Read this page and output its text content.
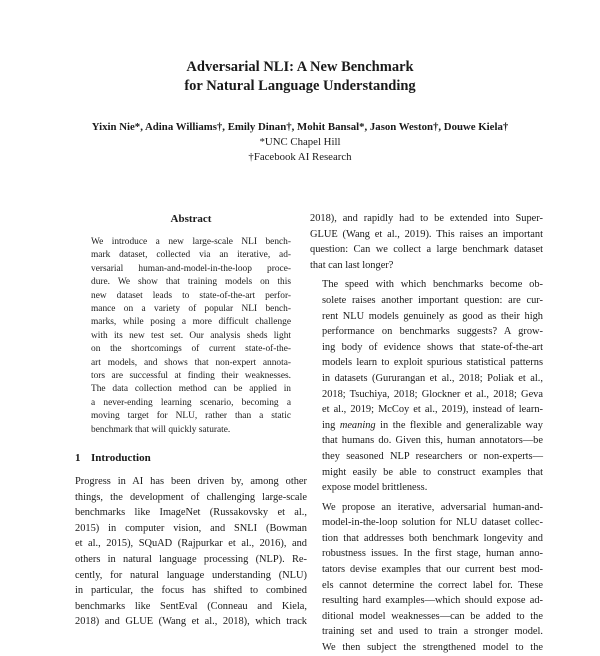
Adversarial NLI: A New Benchmark
for Natural Language Understanding
Yixin Nie*, Adina Williams†, Emily Dinan†, Mohit Bansal*, Jason Weston†, Douwe Kiela†
*UNC Chapel Hill
†Facebook AI Research
Abstract
We introduce a new large-scale NLI bench-
mark dataset, collected via an iterative, ad-
versarial human-and-model-in-the-loop proce-
dure. We show that training models on this
new dataset leads to state-of-the-art perfor-
mance on a variety of popular NLI bench-
marks, while posing a more difficult challenge
with its new test set. Our analysis sheds light
on the shortcomings of current state-of-the-
art models, and shows that non-expert annota-
tors are successful at finding their weaknesses.
The data collection method can be applied in
a never-ending learning scenario, becoming a
moving target for NLU, rather than a static
benchmark that will quickly saturate.
1 Introduction

Progress in AI has been driven by, among other
things, the development of challenging large-scale
benchmarks like ImageNet (Russakovsky et al.,
2015) in computer vision, and SNLI (Bowman
et al., 2015), SQuAD (Rajpurkar et al., 2016), and
others in natural language processing (NLP). Re-
cently, for natural language understanding (NLU)
in particular, the focus has shifted to combined
benchmarks like SentEval (Conneau and Kiela,
2018) and GLUE (Wang et al., 2018), which track

2018), and rapidly had to be extended into Super-
GLUE (Wang et al., 2019). This raises an important
question: Can we collect a large benchmark dataset
that can last longer?

The speed with which benchmarks become ob-
solete raises another important question: are cur-
rent NLU models genuinely as good as their high
performance on benchmarks suggests? A grow-
ing body of evidence shows that state-of-the-art
models learn to exploit spurious statistical patterns
in datasets (Gururangan et al., 2018; Poliak et al.,
2018; Tsuchiya, 2018; Glockner et al., 2018; Geva
et al., 2019; McCoy et al., 2019), instead of learn-
ing meaning in the flexible and generalizable way
that humans do. Given this, human annotators—be
they seasoned NLP researchers or non-experts—
might easily be able to construct examples that
expose model brittleness.

We propose an iterative, adversarial human-and-
model-in-the-loop solution for NLU dataset collec-
tion that addresses both benchmark longevity and
robustness issues. In the first stage, human anno-
tators devise examples that our current best mod-
els cannot determine the correct label for. These
resulting hard examples—which should expose ad-
ditional model weaknesses—can be added to the
training set and used to train a stronger model.
We then subject the strengthened model to the
